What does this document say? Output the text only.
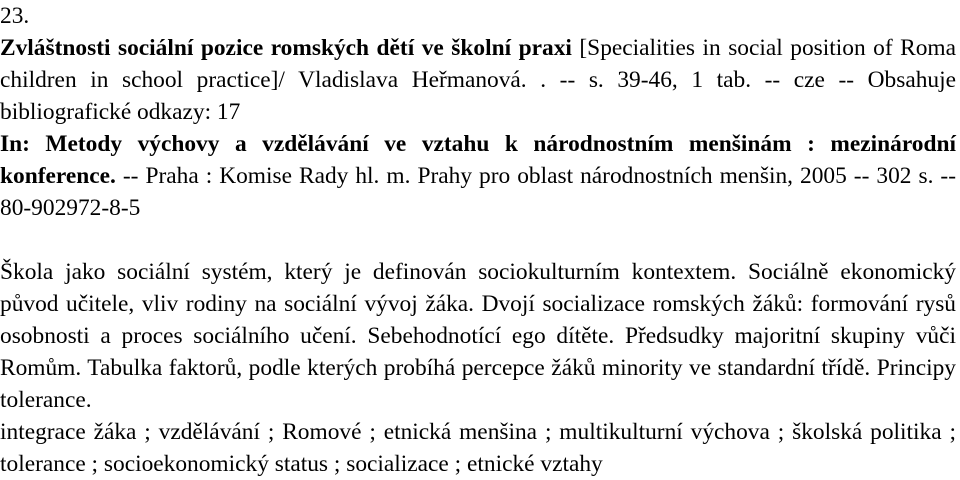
23.

Zvláštnosti sociální pozice romských dětí ve školní praxi [Specialities in social position of Roma children in school practice]/ Vladislava Heřmanová. . -- s. 39-46, 1 tab. -- cze -- Obsahuje bibliografické odkazy: 17

In: Metody výchovy a vzdělávání ve vztahu k národnostním menšinám : mezinárodní konference. -- Praha : Komise Rady hl. m. Prahy pro oblast národnostních menšin, 2005 -- 302 s. -- 80-902972-8-5

Škola jako sociální systém, který je definován sociokulturním kontextem. Sociálně ekonomický původ učitele, vliv rodiny na sociální vývoj žáka. Dvojí socializace romských žáků: formování rysů osobnosti a proces sociálního učení. Sebehodnotící ego dítěte. Předsudky majoritní skupiny vůči Romům. Tabulka faktorů, podle kterých probíhá percepce žáků minority ve standardní třídě. Principy tolerance.

integrace žáka ; vzdělávání ; Romové ; etnická menšina ; multikulturní výchova ; školská politika ; tolerance ; socioekonomický status ; socializace ; etnické vztahy
